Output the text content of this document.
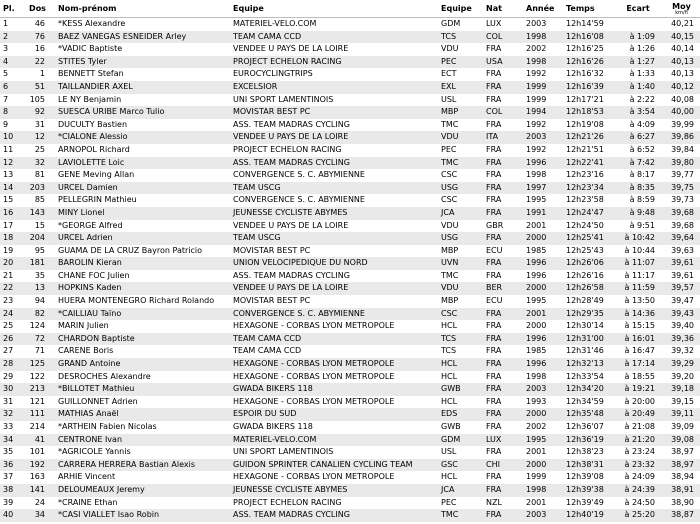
Pl.	Dos	Nom-prénom	Equipe	Equipe	Nat	Année	Temps	Ecart	Moy
km/h

1	46	*KESS Alexandre	MATERIEL-VELO.COM	GDM	LUX	2003	12h14'59		40,21
2	76	BAEZ VANEGAS ESNEIDER Arley	TEAM CAMA CCD	TCS	COL	1998	12h16'08	à 1:09	40,15
3	16	*VADIC Baptiste	VENDEE U PAYS DE LA LOIRE	VDU	FRA	2002	12h16'25	à 1:26	40,14
4	22	STITES Tyler	PROJECT ECHELON RACING	PEC	USA	1998	12h16'26	à 1:27	40,13
5	1	BENNETT Stefan	EUROCYCLINGTRIPS	ECT	FRA	1992	12h16'32	à 1:33	40,13
6	51	TAILLANDIER AXEL	EXCELSIOR	EXL	FRA	1999	12h16'39	à 1:40	40,12
7	105	LE NY Benjamin	UNI SPORT LAMENTINOIS	USL	FRA	1999	12h17'21	à 2:22	40,08
8	92	SUESCA URIBE Marco Tulio	MOVISTAR BEST PC	MBP	COL	1994	12h18'53	à 3:54	40,00
9	31	DUCULTY Bastien	ASS. TEAM MADRAS CYCLING	TMC	FRA	1992	12h19'08	à 4:09	39,99
10	12	*CIALONE Alessio	VENDEE U PAYS DE LA LOIRE	VDU	ITA	2003	12h21'26	à 6:27	39,86
11	25	ARNOPOL Richard	PROJECT ECHELON RACING	PEC	FRA	1992	12h21'51	à 6:52	39,84
12	32	LAVIOLETTE Loic	ASS. TEAM MADRAS CYCLING	TMC	FRA	1996	12h22'41	à 7:42	39,80
13	81	GENE Meving Allan	CONVERGENCE S. C. ABYMIENNE	CSC	FRA	1998	12h23'16	à 8:17	39,77
14	203	URCEL Damien	TEAM USCG	USG	FRA	1997	12h23'34	à 8:35	39,75
15	85	PELLEGRIN Mathieu	CONVERGENCE S. C. ABYMIENNE	CSC	FRA	1995	12h23'58	à 8:59	39,73
16	143	MINY Lionel	JEUNESSE CYCLISTE ABYMES	JCA	FRA	1991	12h24'47	à 9:48	39,68
17	15	*GEORGE Alfred	VENDEE U PAYS DE LA LOIRE	VDU	GBR	2001	12h24'50	à 9:51	39,68
18	204	URCEL Adrien	TEAM USCG	USG	FRA	2000	12h25'41	à 10:42	39,64
19	95	GUAMA DE LA CRUZ Bayron Patricio	MOVISTAR BEST PC	MBP	ECU	1985	12h25'43	à 10:44	39,63
20	181	BAROLIN Kieran	UNION VELOCIPEDIQUE DU NORD	UVN	FRA	1996	12h26'06	à 11:07	39,61
21	35	CHANE FOC Julien	ASS. TEAM MADRAS CYCLING	TMC	FRA	1996	12h26'16	à 11:17	39,61
22	13	HOPKINS Kaden	VENDEE U PAYS DE LA LOIRE	VDU	BER	2000	12h26'58	à 11:59	39,57
23	94	HUERA MONTENEGRO Richard Rolando	MOVISTAR BEST PC	MBP	ECU	1995	12h28'49	à 13:50	39,47
24	82	*CAILLIAU Taïno	CONVERGENCE S. C. ABYMIENNE	CSC	FRA	2001	12h29'35	à 14:36	39,43
25	124	MARIN Julien	HEXAGONE - CORBAS LYON METROPOLE	HCL	FRA	2000	12h30'14	à 15:15	39,40
26	72	CHARDON Baptiste	TEAM CAMA CCD	TCS	FRA	1996	12h31'00	à 16:01	39,36
27	71	CARENE Boris	TEAM CAMA CCD	TCS	FRA	1985	12h31'46	à 16:47	39,32
28	125	GRAND Antoine	HEXAGONE - CORBAS LYON METROPOLE	HCL	FRA	1996	12h32'13	à 17:14	39,29
29	122	DESROCHES Alexandre	HEXAGONE - CORBAS LYON METROPOLE	HCL	FRA	1998	12h33'54	à 18:55	39,20
30	213	*BILLOTET Mathieu	GWADA BIKERS 118	GWB	FRA	2003	12h34'20	à 19:21	39,18
31	121	GUILLONNET Adrien	HEXAGONE - CORBAS LYON METROPOLE	HCL	FRA	1993	12h34'59	à 20:00	39,15
32	111	MATHIAS Anaël	ESPOIR DU SUD	EDS	FRA	2000	12h35'48	à 20:49	39,11
33	214	*ARTHEIN Fabien Nicolas	GWADA BIKERS 118	GWB	FRA	2002	12h36'07	à 21:08	39,09
34	41	CENTRONE Ivan	MATERIEL-VELO.COM	GDM	LUX	1995	12h36'19	à 21:20	39,08
35	101	*AGRICOLE Yannis	UNI SPORT LAMENTINOIS	USL	FRA	2001	12h38'23	à 23:24	38,97
36	192	CARRERA HERRERA Bastian Alexis	GUIDON SPRINTER CANALIEN CYCLING TEAM	GSC	CHI	2000	12h38'31	à 23:32	38,97
37	163	ARHIE Vincent	HEXAGONE - CORBAS LYON METROPOLE	HCL	FRA	1999	12h39'08	à 24:09	38,94
38	141	DELOUMEAUX Jeremy	JEUNESSE CYCLISTE ABYMES	JCA	FRA	1998	12h39'38	à 24:39	38,91
39	24	*CRAINE Ethan	PROJECT ECHELON RACING	PEC	NZL	2001	12h39'49	à 24:50	38,90
40	34	*CASI VIALLET Isao Robin	ASS. TEAM MADRAS CYCLING	TMC	FRA	2003	12h40'19	à 25:20	38,87
